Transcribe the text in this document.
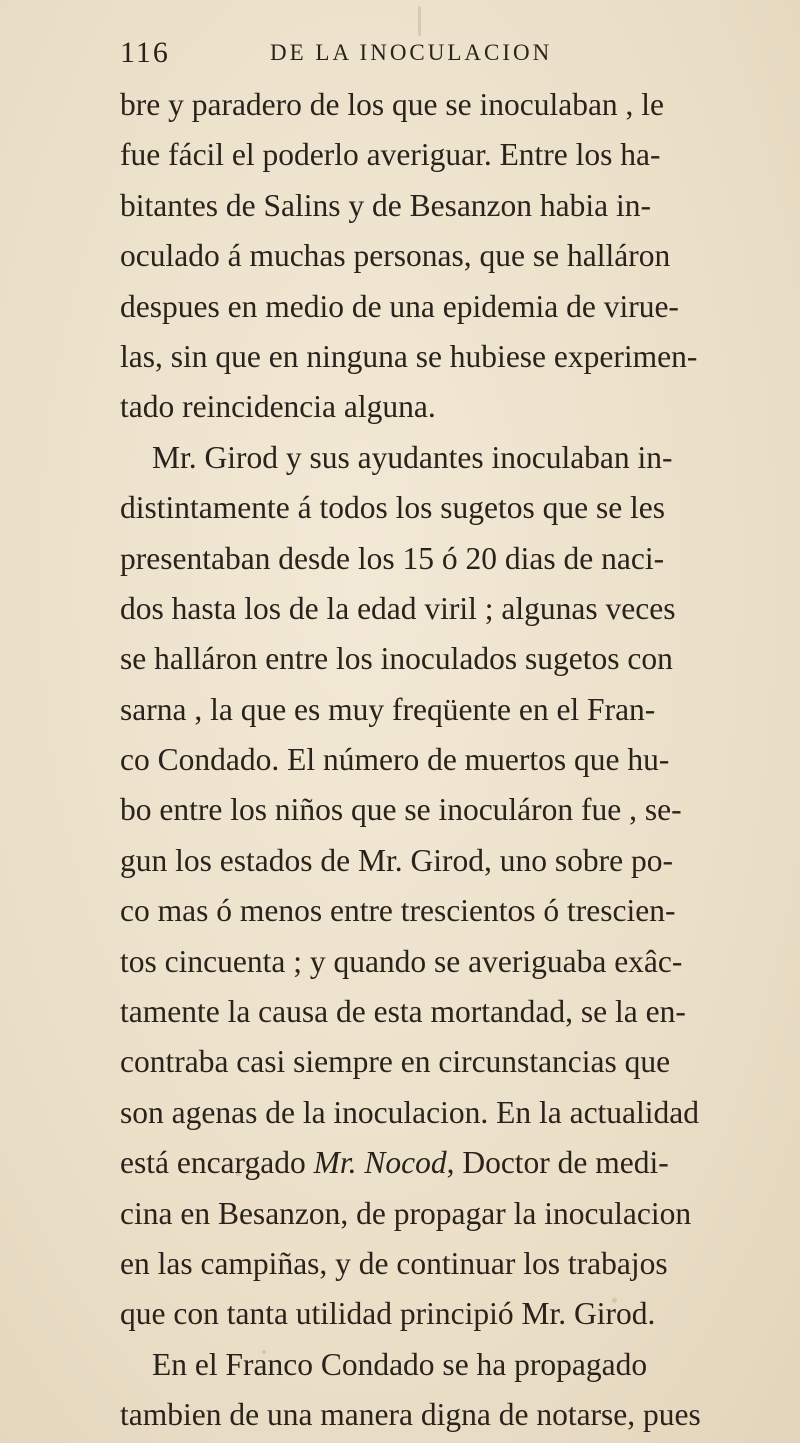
116	DE LA INOCULACION
bre y paradero de los que se inoculaban , le
fue fácil el poderlo averiguar. Entre los ha-
bitantes de Salins y de Besanzon habia in-
oculado á muchas personas, que se halláron
despues en medio de una epidemia de virue-
las, sin que en ninguna se hubiese experimen-
tado reincidencia alguna.
Mr. Girod y sus ayudantes inoculaban in-
distintamente á todos los sugetos que se les
presentaban desde los 15 ó 20 dias de naci-
dos hasta los de la edad viril ; algunas veces
se halláron entre los inoculados sugetos con
sarna , la que es muy freqüente en el Fran-
co Condado. El número de muertos que hu-
bo entre los niños que se inoculáron fue , se-
gun los estados de Mr. Girod, uno sobre po-
co mas ó menos entre trescientos ó trescien-
tos cincuenta ; y quando se averiguaba exâc-
tamente la causa de esta mortandad, se la en-
contraba casi siempre en circunstancias que
son agenas de la inoculacion. En la actualidad
está encargado Mr. Nocod, Doctor de medi-
cina en Besanzon, de propagar la inoculacion
en las campiñas, y de continuar los trabajos
que con tanta utilidad principió Mr. Girod.
En el Franco Condado se ha propagado
tambien de una manera digna de notarse, pues
